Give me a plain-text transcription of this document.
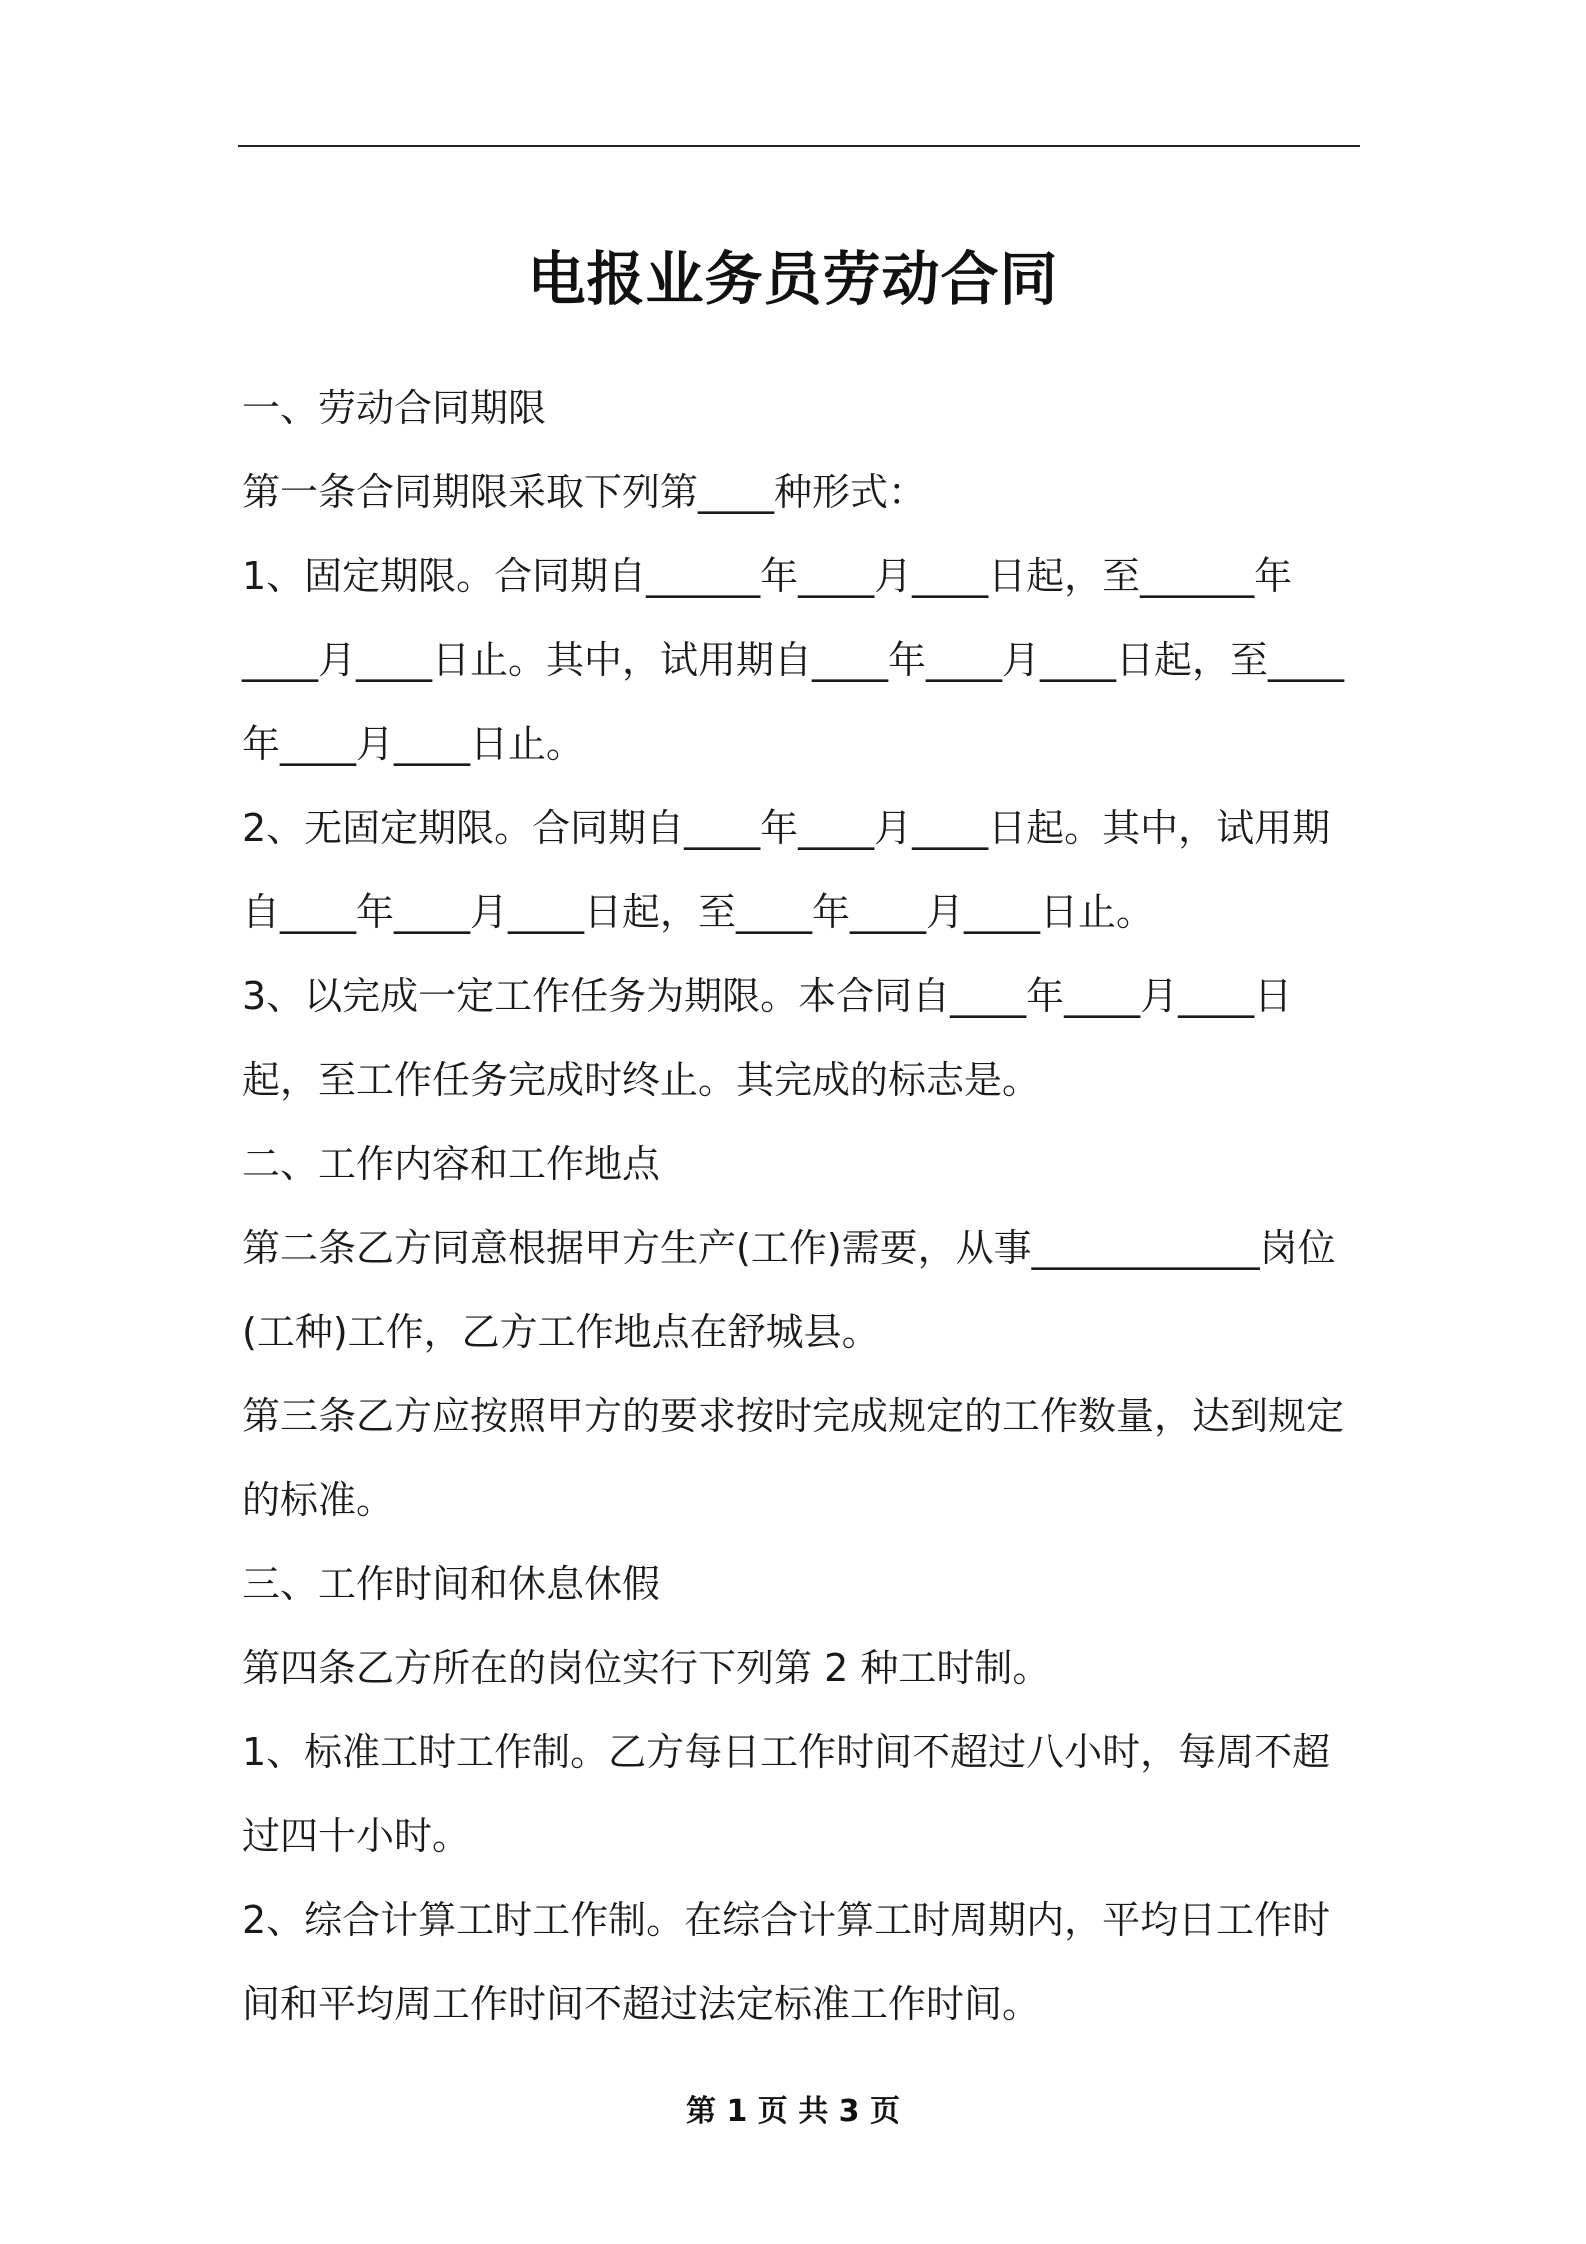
电报业务员劳动合同

一、劳动合同期限

第一条合同期限采取下列第____种形式：

1、固定期限。合同期自______年____月____日起，至______年____月____日止。其中，试用期自____年____月____日起，至____年____月____日止。

2、无固定期限。合同期自____年____月____日起。其中，试用期自____年____月____日起，至____年____月____日止。

3、以完成一定工作任务为期限。本合同自____年____月____日起，至工作任务完成时终止。其完成的标志是。

二、工作内容和工作地点

第二条乙方同意根据甲方生产(工作)需要，从事____________岗位(工种)工作，乙方工作地点在舒城县。

第三条乙方应按照甲方的要求按时完成规定的工作数量，达到规定的标准。

三、工作时间和休息休假

第四条乙方所在的岗位实行下列第 2 种工时制。

1、标准工时工作制。乙方每日工作时间不超过八小时，每周不超过四十小时。

2、综合计算工时工作制。在综合计算工时周期内，平均日工作时间和平均周工作时间不超过法定标准工作时间。

第 1 页 共 3 页
